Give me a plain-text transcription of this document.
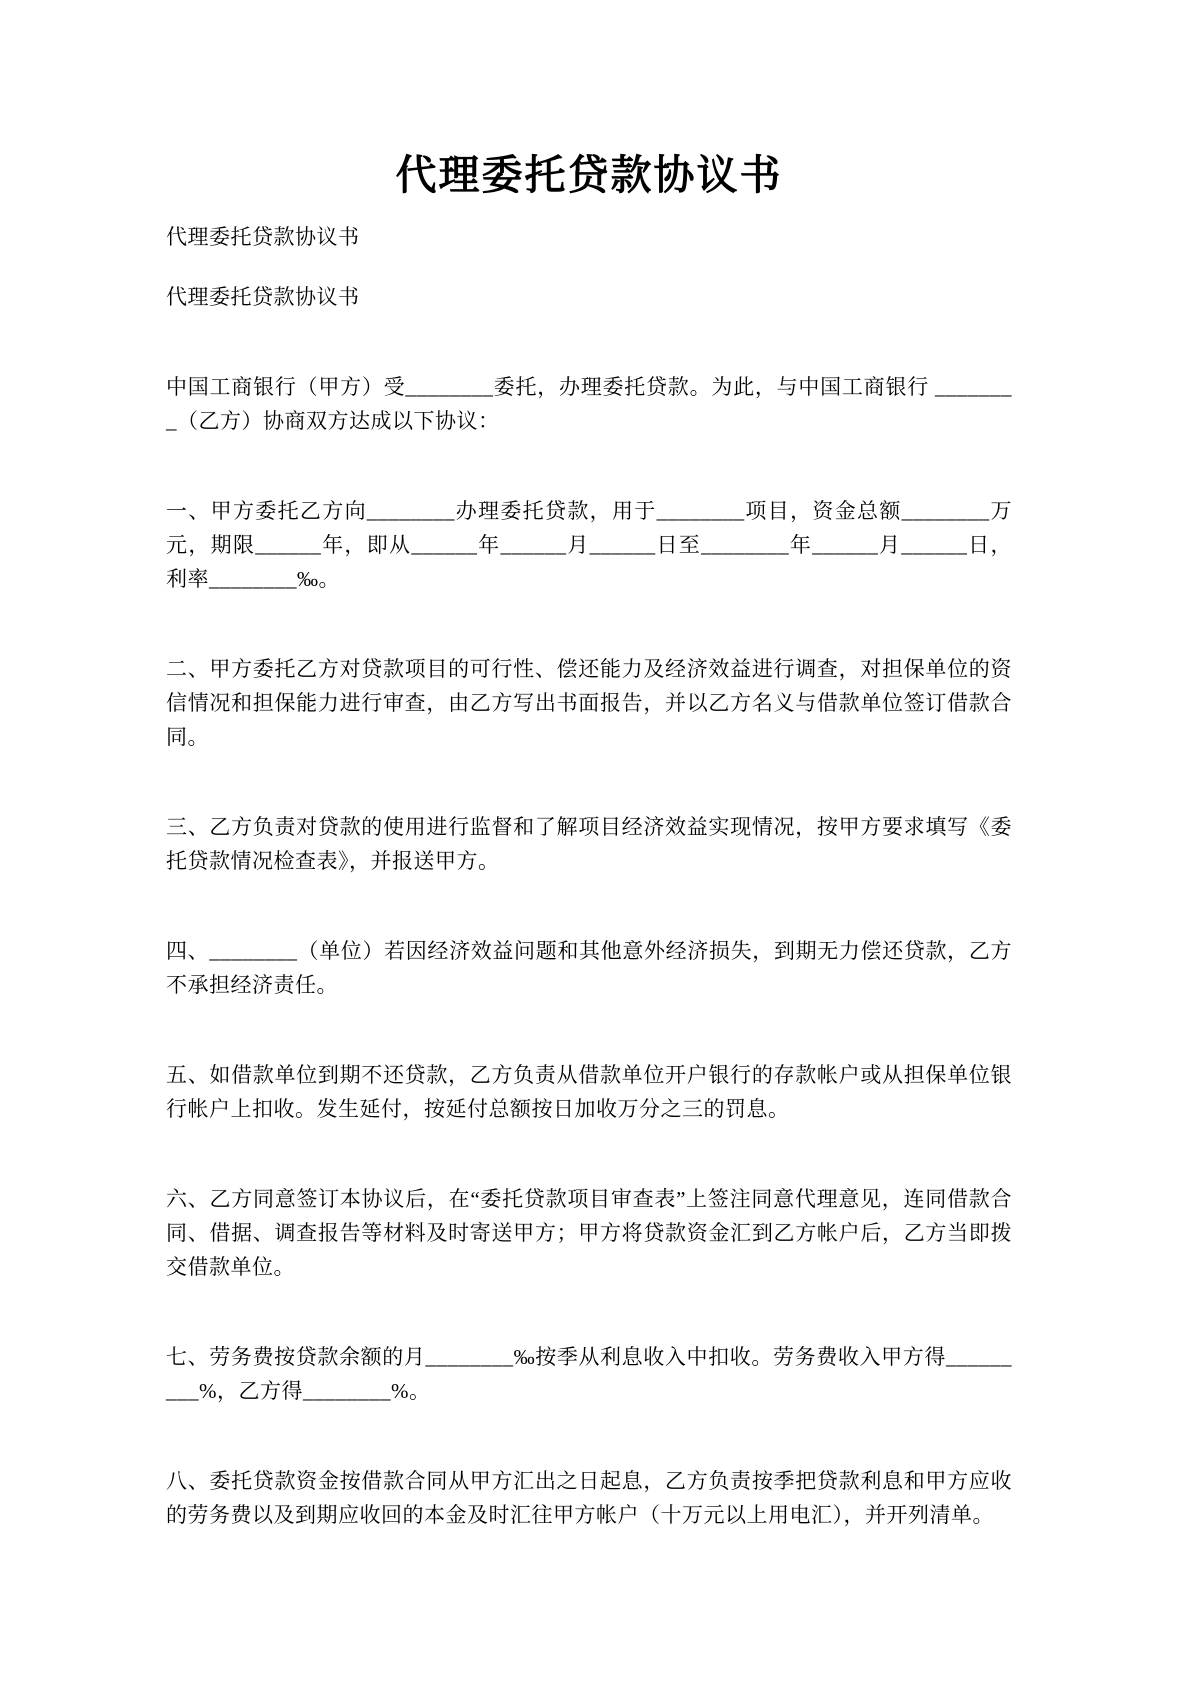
代理委托贷款协议书

代理委托贷款协议书

代理委托贷款协议书

中国工商银行（甲方）受________委托，办理委托贷款。为此，与中国工商银行 ________（乙方）协商双方达成以下协议：

一、甲方委托乙方向________办理委托贷款，用于________项目，资金总额________万元，期限______年，即从______年______月______日至________年______月______日，利率________‰。

二、甲方委托乙方对贷款项目的可行性、偿还能力及经济效益进行调查，对担保单位的资信情况和担保能力进行审查，由乙方写出书面报告，并以乙方名义与借款单位签订借款合同。

三、乙方负责对贷款的使用进行监督和了解项目经济效益实现情况，按甲方要求填写《委托贷款情况检查表》，并报送甲方。

四、________（单位）若因经济效益问题和其他意外经济损失，到期无力偿还贷款，乙方不承担经济责任。

五、如借款单位到期不还贷款，乙方负责从借款单位开户银行的存款帐户或从担保单位银行帐户上扣收。发生延付，按延付总额按日加收万分之三的罚息。

六、乙方同意签订本协议后，在“委托贷款项目审查表”上签注同意代理意见，连同借款合同、借据、调查报告等材料及时寄送甲方；甲方将贷款资金汇到乙方帐户后，乙方当即拨交借款单位。

七、劳务费按贷款余额的月________‰按季从利息收入中扣收。劳务费收入甲方得_________%，乙方得________%。

八、委托贷款资金按借款合同从甲方汇出之日起息，乙方负责按季把贷款利息和甲方应收的劳务费以及到期应收回的本金及时汇往甲方帐户（十万元以上用电汇），并开列清单。
